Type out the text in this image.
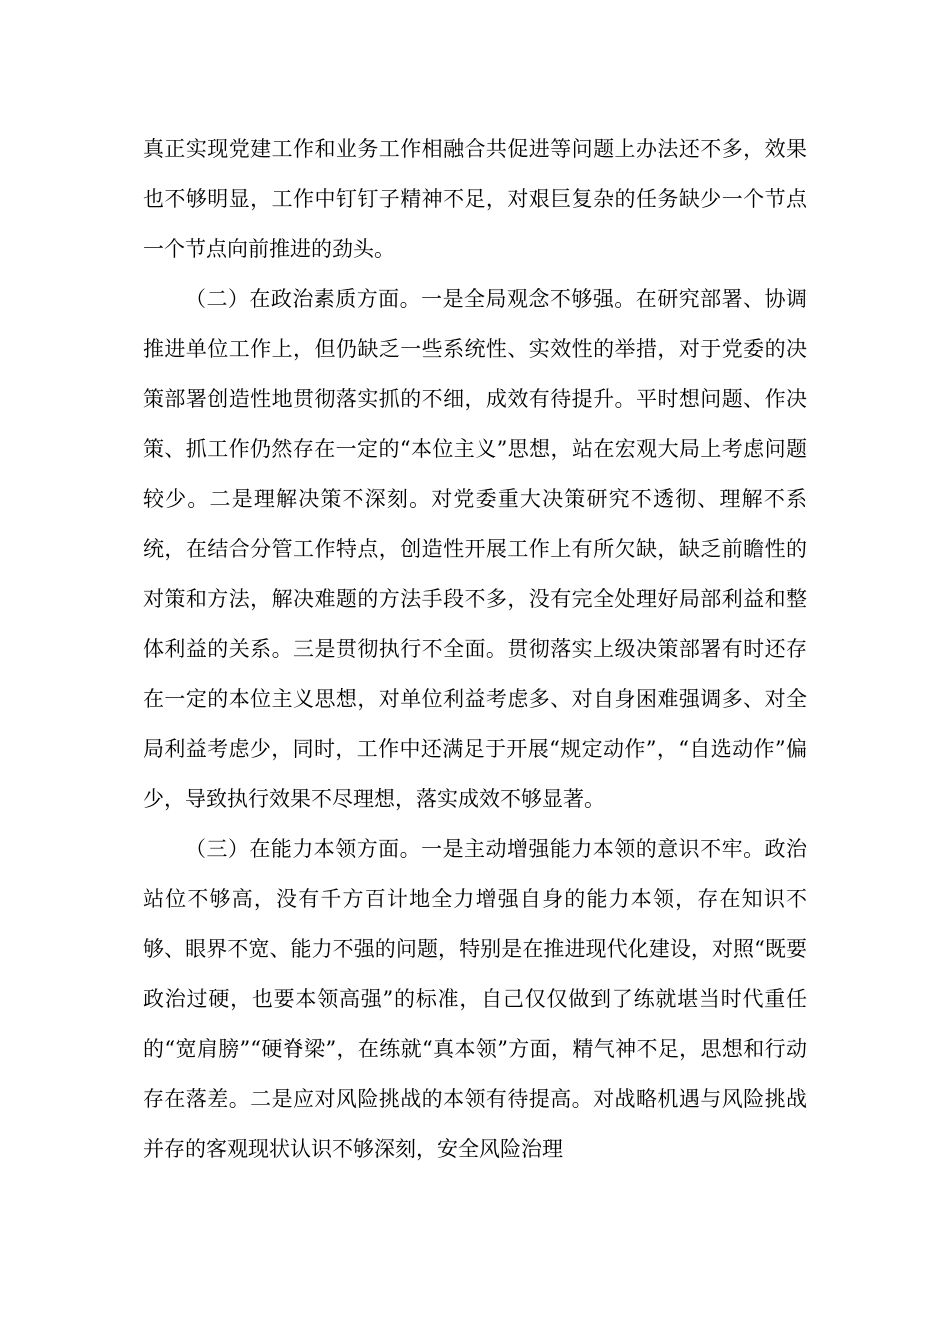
真正实现党建工作和业务工作相融合共促进等问题上办法还不多，效果也不够明显，工作中钉钉子精神不足，对艰巨复杂的任务缺少一个节点一个节点向前推进的劲头。

（二）在政治素质方面。一是全局观念不够强。在研究部署、协调推进单位工作上，但仍缺乏一些系统性、实效性的举措，对于党委的决策部署创造性地贯彻落实抓的不细，成效有待提升。平时想问题、作决策、抓工作仍然存在一定的“本位主义”思想，站在宏观大局上考虑问题较少。二是理解决策不深刻。对党委重大决策研究不透彻、理解不系统，在结合分管工作特点，创造性开展工作上有所欠缺，缺乏前瞻性的对策和方法，解决难题的方法手段不多，没有完全处理好局部利益和整体利益的关系。三是贯彻执行不全面。贯彻落实上级决策部署有时还存在一定的本位主义思想，对单位利益考虑多、对自身困难强调多、对全局利益考虑少，同时，工作中还满足于开展“规定动作”，“自选动作”偏少，导致执行效果不尽理想，落实成效不够显著。

（三）在能力本领方面。一是主动增强能力本领的意识不牢。政治站位不够高，没有千方百计地全力增强自身的能力本领，存在知识不够、眼界不宽、能力不强的问题，特别是在推进现代化建设，对照“既要政治过硬，也要本领高强”的标准，自己仅仅做到了练就堪当时代重任的“宽肩膀”“硬脊梁”，在练就“真本领”方面，精气神不足，思想和行动存在落差。二是应对风险挑战的本领有待提高。对战略机遇与风险挑战并存的客观现状认识不够深刻，安全风险治理
